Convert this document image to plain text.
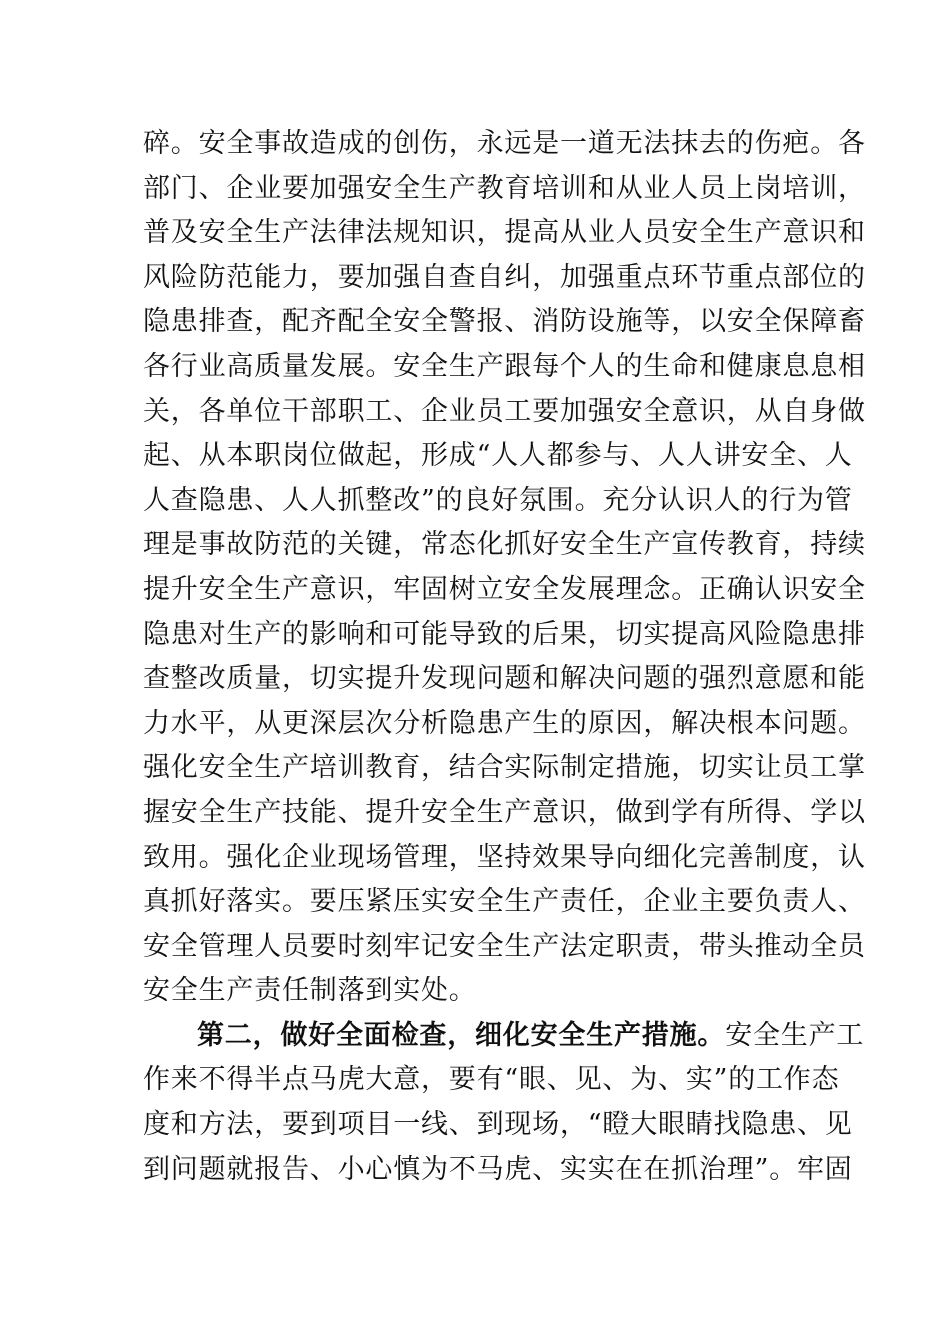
碎。安全事故造成的创伤，永远是一道无法抹去的伤疤。各
部门、企业要加强安全生产教育培训和从业人员上岗培训，
普及安全生产法律法规知识，提高从业人员安全生产意识和
风险防范能力，要加强自查自纠，加强重点环节重点部位的
隐患排查，配齐配全安全警报、消防设施等，以安全保障畜
各行业高质量发展。安全生产跟每个人的生命和健康息息相
关，各单位干部职工、企业员工要加强安全意识，从自身做
起、从本职岗位做起，形成“人人都参与、人人讲安全、人
人查隐患、人人抓整改”的良好氛围。充分认识人的行为管
理是事故防范的关键，常态化抓好安全生产宣传教育，持续
提升安全生产意识，牢固树立安全发展理念。正确认识安全
隐患对生产的影响和可能导致的后果，切实提高风险隐患排
查整改质量，切实提升发现问题和解决问题的强烈意愿和能
力水平，从更深层次分析隐患产生的原因，解决根本问题。
强化安全生产培训教育，结合实际制定措施，切实让员工掌
握安全生产技能、提升安全生产意识，做到学有所得、学以
致用。强化企业现场管理，坚持效果导向细化完善制度，认
真抓好落实。要压紧压实安全生产责任，企业主要负责人、
安全管理人员要时刻牢记安全生产法定职责，带头推动全员
安全生产责任制落到实处。
第二，做好全面检查，细化安全生产措施。安全生产工
作来不得半点马虎大意，要有“眼、见、为、实”的工作态
度和方法，要到项目一线、到现场，“瞪大眼睛找隐患、见
到问题就报告、小心慎为不马虎、实实在在抓治理”。牢固
